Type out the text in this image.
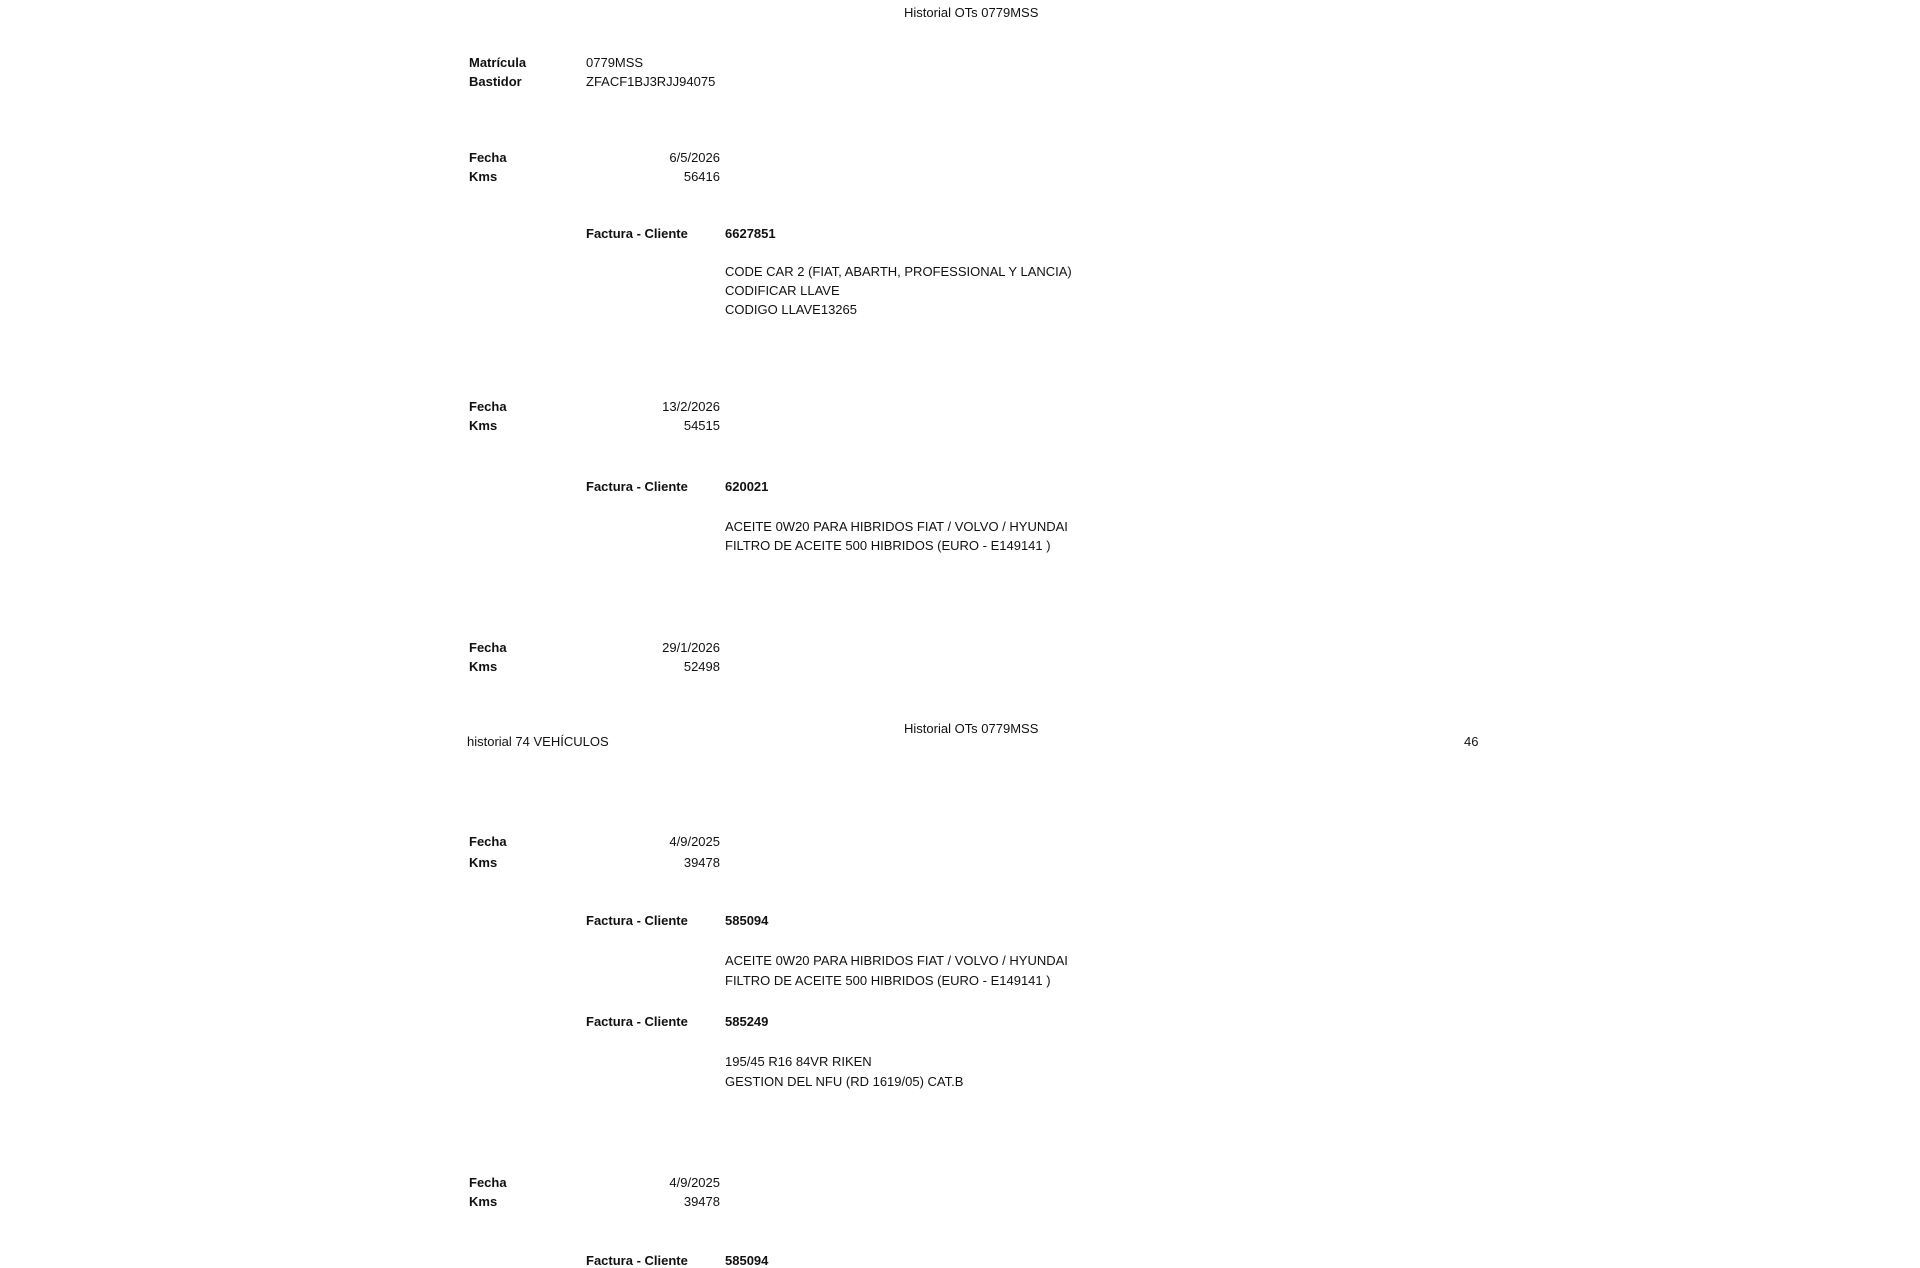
Historial OTs 0779MSS
Matrícula	0779MSS
Bastidor	ZFACF1BJ3RJJ94075
Fecha	6/5/2026
Kms	56416
Factura - Cliente	6627851
CODE CAR 2 (FIAT, ABARTH, PROFESSIONAL Y LANCIA)
CODIFICAR LLAVE
CODIGO LLAVE13265
Fecha	13/2/2026
Kms	54515
Factura - Cliente	620021
ACEITE 0W20 PARA HIBRIDOS FIAT / VOLVO / HYUNDAI
FILTRO DE ACEITE 500 HIBRIDOS (EURO - E149141 )
Fecha	29/1/2026
Kms	52498
Historial OTs 0779MSS
historial 74 VEHÍCULOS	46
Fecha	4/9/2025
Kms	39478
Factura - Cliente	585094
ACEITE 0W20 PARA HIBRIDOS FIAT / VOLVO / HYUNDAI
FILTRO DE ACEITE 500 HIBRIDOS (EURO - E149141 )
Factura - Cliente	585249
195/45 R16 84VR RIKEN
GESTION DEL NFU (RD 1619/05) CAT.B
Fecha	4/9/2025
Kms	39478
Factura - Cliente	585094
